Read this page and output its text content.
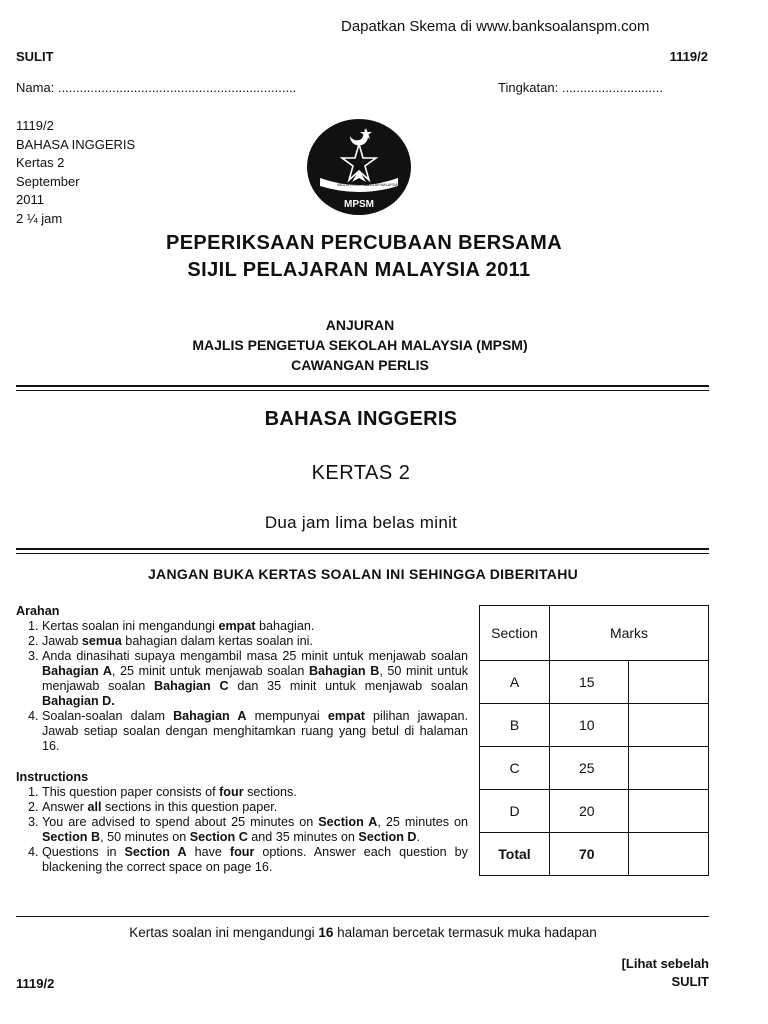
Dapatkan Skema di www.banksoalanspm.com
SULIT	1119/2
Nama: ..................................................................	Tingkatan: ............................
1119/2
BAHASA INGGERIS
Kertas 2
September
2011
2 ¼ jam
MAJLIS PENGETUA
SEKOLAH MALAYSIA
MPSM
PEPERIKSAAN PERCUBAAN BERSAMA
SIJIL PELAJARAN MALAYSIA 2011
ANJURAN
MAJLIS PENGETUA SEKOLAH MALAYSIA (MPSM)
CAWANGAN PERLIS
BAHASA INGGERIS
KERTAS 2
Dua jam lima belas minit
JANGAN BUKA KERTAS SOALAN INI SEHINGGA DIBERITAHU
Arahan
1. Kertas soalan ini mengandungi empat bahagian.
2. Jawab semua bahagian dalam kertas soalan ini.
3. Anda dinasihati supaya mengambil masa 25 minit untuk menjawab soalan Bahagian A, 25 minit untuk menjawab soalan Bahagian B, 50 minit untuk menjawab soalan Bahagian C dan 35 minit untuk menjawab soalan Bahagian D.
4. Soalan-soalan dalam Bahagian A mempunyai empat pilihan jawapan. Jawab setiap soalan dengan menghitamkan ruang yang betul di halaman 16.
Instructions
1. This question paper consists of four sections.
2. Answer all sections in this question paper.
3. You are advised to spend about 25 minutes on Section A, 25 minutes on Section B, 50 minutes on Section C and 35 minutes on Section D.
4. Questions in Section A have four options. Answer each question by blackening the correct space on page 16.
Section	Marks	
A	15	
B	10	
C	25	
D	20	
Total	70	
Kertas soalan ini mengandungi 16 halaman bercetak termasuk muka hadapan
[Lihat sebelah
SULIT
1119/2
